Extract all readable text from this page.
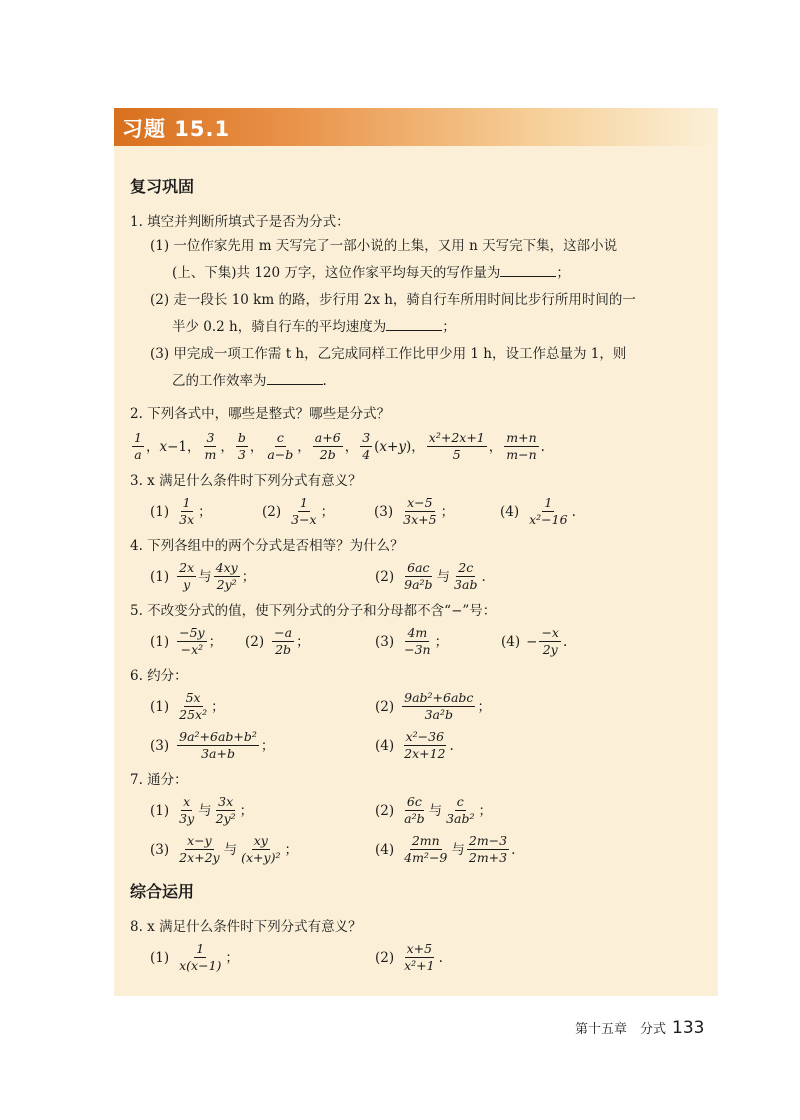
习题 15.1
复习巩固
1. 填空并判断所填式子是否为分式：
(1) 一位作家先用 m 天写完了一部小说的上集，又用 n 天写完下集，这部小说
(上、下集)共 120 万字，这位作家平均每天的写作量为	；
(2) 走一段长 10 km 的路，步行用 2x h，骑自行车所用时间比步行所用时间的一
半少 0.2 h，骑自行车的平均速度为	；
(3) 甲完成一项工作需 t h，乙完成同样工作比甲少用 1 h，设工作总量为 1，则
乙的工作效率为	.
2. 下列各式中，哪些是整式？哪些是分式？
$\frac{1}{a}$ ， x −1， $\frac{3}{m}$ ， $\frac{b}{3}$ ， $\frac{c}{a-b}$ ， $\frac{a+6}{2b}$ ， $\frac{3}{4}$ ( x + y )， $\frac{\text{x²+2x+1}}{5}$ ， $\frac{m+n}{m-n}$ .
3. x 满足什么条件时下列分式有意义？
$(1) \frac{1}{3x}$ ；	$(2) \frac{1}{3-x}$ ；	$(3) \frac{x-5}{3x+5}$ ；	$(4) \frac{1}{\text{x²−16}}$ .
4. 下列各组中的两个分式是否相等？为什么？
$(1) \frac{2x}{y}$ 与 $\frac{4xy}{\text{2y²}}$ ；	$(2) \frac{6ac}{\text{9a²b}}$ 与 $\frac{2c}{3ab}$ .
5. 不改变分式的值，使下列分式的分子和分母都不含“−”号：
$(1) \frac{-5y}{\text{−x²}}$ ；	$(2) \frac{-a}{2b}$ ；	$(3) \frac{4m}{-3n}$ ；	$(4) - \frac{-x}{2y}$ .
6. 约分：
$(1) \frac{5x}{\text{25x²}}$ ；	$(2) \frac{\text{9ab²+6abc}}{\text{3a²b}}$ ；
$(3) \frac{\text{9a²+6ab+b²}}{3a+b}$ ；	$(4) \frac{\text{x²−36}}{2x+12}$ .
7. 通分：
$(1) \frac{x}{3y}$ 与 $\frac{3x}{\text{2y²}}$ ；	$(2) \frac{6c}{\text{a²b}}$ 与 $\frac{c}{\text{3ab²}}$ ；
$(3) \frac{x-y}{2x+2y}$ 与 $\frac{xy}{\text{(x+y)²}}$ ；	$(4) \frac{2mn}{\text{4m²−9}}$ 与 $\frac{2m-3}{2m+3}$ .
综合运用
8. x 满足什么条件时下列分式有意义？
$(1) \frac{1}{x(x-1)}$ ；	$(2) \frac{x+5}{\text{x²+1}}$ .
第十五章　分式 133
